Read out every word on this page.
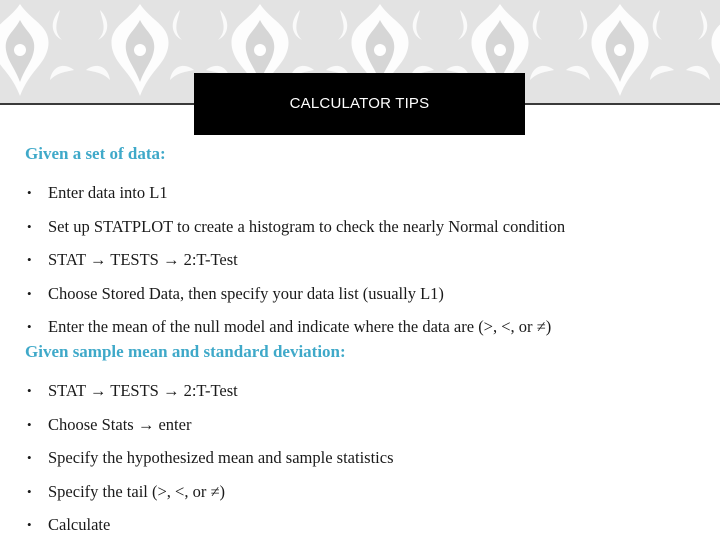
CALCULATOR TIPS
Given a set of data:
• Enter data into L1
• Set up STATPLOT to create a histogram to check the nearly Normal condition
• STAT → TESTS → 2:T-Test
• Choose Stored Data, then specify your data list (usually L1)
• Enter the mean of the null model and indicate where the data are (>, <, or ≠)
Given sample mean and standard deviation:
• STAT → TESTS → 2:T-Test
• Choose Stats → enter
• Specify the hypothesized mean and sample statistics
• Specify the tail (>, <, or ≠)
• Calculate
